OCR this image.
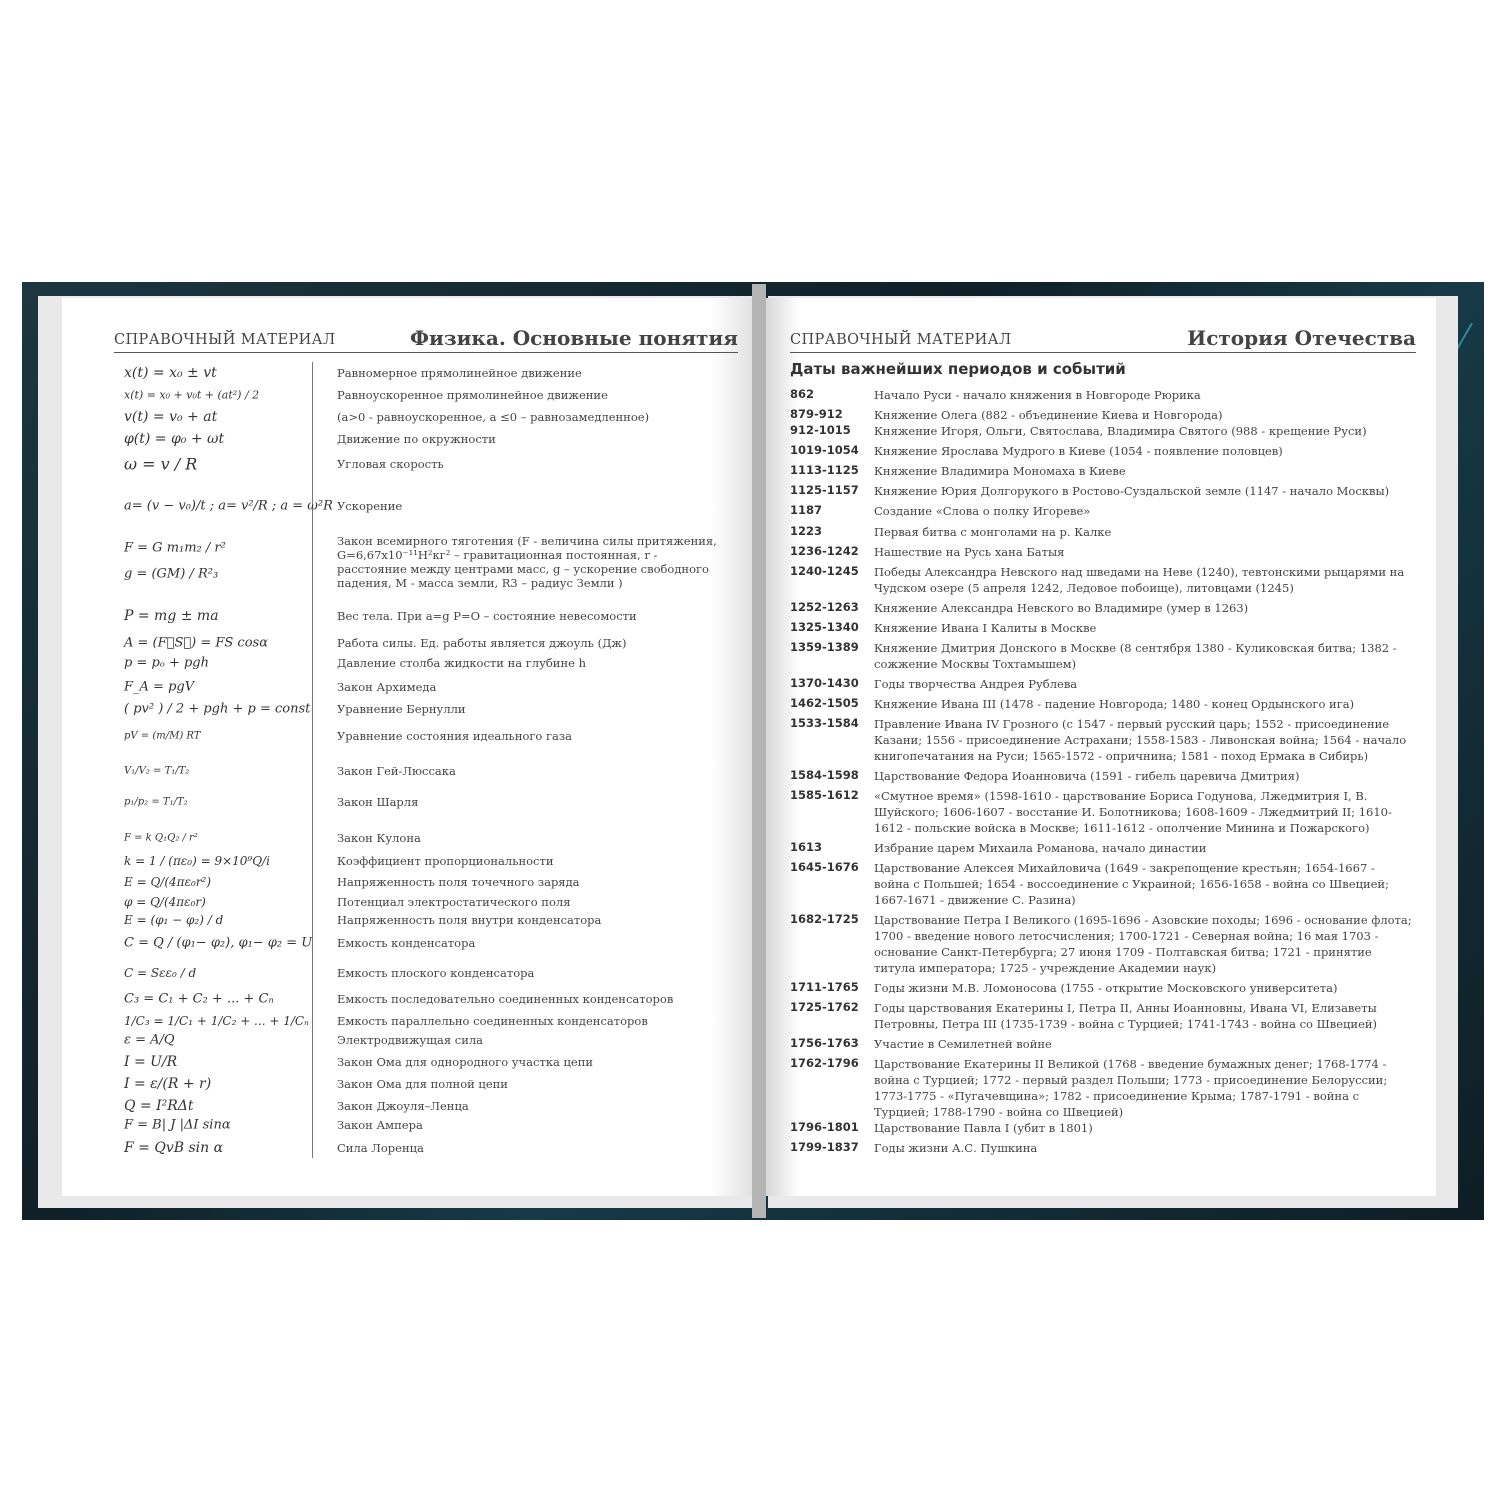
СПРАВОЧНЫЙ МАТЕРИАЛ	Физика. Основные понятия
x(t) = x₀ ± vt	Равномерное прямолинейное движение
x(t) = x₀ + v₀t + (at²) / 2	Равноускоренное прямолинейное движение
v(t) = v₀ + at	(a>0 - равноускоренное, a ≤0 – равнозамедленное)
φ(t) = φ₀ + ωt	Движение по окружности
ω = v / R	Угловая скорость
a= (v − v₀)/t ; a= v²/R ; a = ω²R Ускорение
F = G m₁m₂ / r²	Закон всемирного тяготения (F - величина силы притяжения, G=6,67x10⁻¹¹H²кг² – гравитационная постоянная, r - расстояние между центрами масс, g – ускорение свободного падения, M - масса земли, R3 – радиус Земли )
g = (GM) / R²₃
P = mg ± ma	Вес тела. При a=g P=O – состояние невесомости
A = (F⃗S⃗) = FS cosα	Работа силы. Ед. работы является джоуль (Дж)
p = pₒ + pgh	Давление столба жидкости на глубине h
F_A = pgV	Закон Архимеда
( pv² ) / 2 + pgh + p = const Уравнение Бернулли
pV = (m/M) RT	Уравнение состояния идеального газа
V₁/V₂ = T₁/T₂	Закон Гей-Люссака
p₁/p₂ = T₁/T₂	Закон Шарля
F = k Q₁Q₂ / r²	Закон Кулона
k = 1 / (πε₀) = 9×10⁹Q/i	Коэффициент пропорциональности
E = Q/(4πε₀r²)	Напряженность поля точечного заряда
φ = Q/(4πε₀r)	Потенциал электростатического поля
E = (φ₁ − φ₂) / d	Напряженность поля внутри конденсатора
C = Q / (φ₁− φ₂), φ₁− φ₂ = U Емкость конденсатора
C = Sεε₀ / d	Емкость плоского конденсатора
C₃ = C₁ + C₂ + ... + Cₙ	Емкость последовательно соединенных конденсаторов
1/C₃ = 1/C₁ + 1/C₂ + ... + 1/Cₙ Емкость параллельно соединенных конденсаторов
ε = A/Q	Электродвижущая сила
I = U/R	Закон Ома для однородного участка цепи
I = ε/(R + r)	Закон Ома для полной цепи
Q = I²RΔt	Закон Джоуля–Ленца
F = B| J |ΔI sinα	Закон Ампера
F = QvB sin α	Сила Лоренца
СПРАВОЧНЫЙ МАТЕРИАЛ	История Отечества
Даты важнейших периодов и событий
862	Начало Руси - начало княжения в Новгороде Рюрика
879-912	Княжение Олега (882 - объединение Киева и Новгорода)
912-1015 Княжение Игоря, Ольги, Святослава, Владимира Святого (988 - крещение Руси)
1019-1054 Княжение Ярослава Мудрого в Киеве (1054 - появление половцев)
1113-1125 Княжение Владимира Мономаха в Киеве
1125-1157 Княжение Юрия Долгорукого в Ростово-Суздальской земле (1147 - начало Москвы)
1187	Создание «Слова о полку Игореве»
1223	Первая битва с монголами на р. Калке
1236-1242 Нашествие на Русь хана Батыя
1240-1245 Победы Александра Невского над шведами на Неве (1240), тевтонскими рыцарями на Чудском озере (5 апреля 1242, Ледовое побоище), литовцами (1245)
1252-1263 Княжение Александра Невского во Владимире (умер в 1263)
1325-1340 Княжение Ивана I Калиты в Москве
1359-1389 Княжение Дмитрия Донского в Москве (8 сентября 1380 - Куликовская битва; 1382 - сожжение Москвы Тохтамышем)
1370-1430 Годы творчества Андрея Рублева
1462-1505 Княжение Ивана III (1478 - падение Новгорода; 1480 - конец Ордынского ига)
1533-1584 Правление Ивана IV Грозного (с 1547 - первый русский царь; 1552 - присоединение Казани; 1556 - присоединение Астрахани; 1558-1583 - Ливонская война; 1564 - начало книгопечатания на Руси; 1565-1572 - опричнина; 1581 - поход Ермака в Сибирь)
1584-1598 Царствование Федора Иоанновича (1591 - гибель царевича Дмитрия)
1585-1612 «Смутное время» (1598-1610 - царствование Бориса Годунова, Лжедмитрия I, В. Шуйского; 1606-1607 - восстание И. Болотникова; 1608-1609 - Лжедмитрий II; 1610-1612 - польские войска в Москве; 1611-1612 - ополчение Минина и Пожарского)
1613	Избрание царем Михаила Романова, начало династии
1645-1676 Царствование Алексея Михайловича (1649 - закрепощение крестьян; 1654-1667 - война с Польшей; 1654 - воссоединение с Украиной; 1656-1658 - война со Швецией; 1667-1671 - движение С. Разина)
1682-1725 Царствование Петра I Великого (1695-1696 - Азовские походы; 1696 - основание флота; 1700 - введение нового летосчисления; 1700-1721 - Северная война; 16 мая 1703 - основание Санкт-Петербурга; 27 июня 1709 - Полтавская битва; 1721 - принятие титула императора; 1725 - учреждение Академии наук)
1711-1765 Годы жизни М.В. Ломоносова (1755 - открытие Московского университета)
1725-1762 Годы царствования Екатерины I, Петра II, Анны Иоанновны, Ивана VI, Елизаветы Петровны, Петра III (1735-1739 - война с Турцией; 1741-1743 - война со Швецией)
1756-1763 Участие в Семилетней войне
1762-1796 Царствование Екатерины II Великой (1768 - введение бумажных денег; 1768-1774 - война с Турцией; 1772 - первый раздел Польши; 1773 - присоединение Белоруссии; 1773-1775 - «Пугачевщина»; 1782 - присоединение Крыма; 1787-1791 - война с Турцией; 1788-1790 - война со Швецией)
1796-1801 Царствование Павла I (убит в 1801)
1799-1837 Годы жизни А.С. Пушкина
